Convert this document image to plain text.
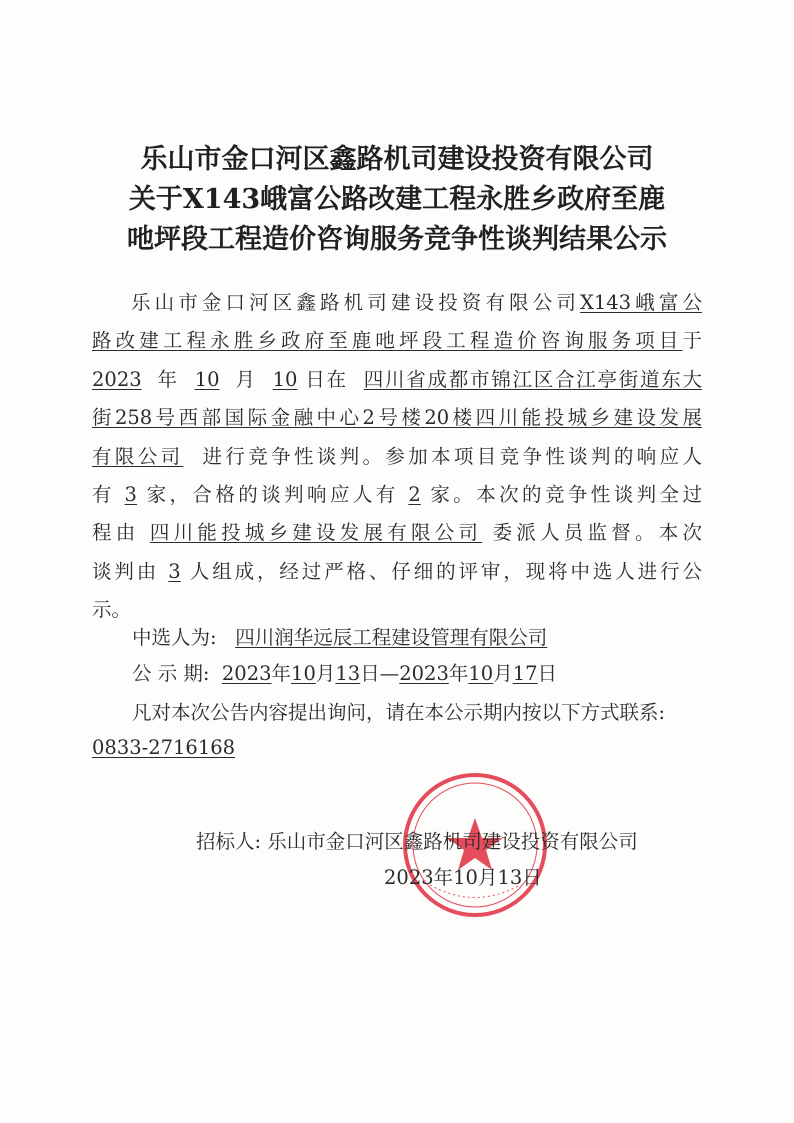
乐山市金口河区鑫路机司建设投资有限公司
关于X143峨富公路改建工程永胜乡政府至鹿
吔坪段工程造价咨询服务竞争性谈判结果公示
乐山市金口河区鑫路机司建设投资有限公司X143峨富公
路改建工程永胜乡政府至鹿吔坪段工程造价咨询服务项目于
2023 年 10 月 10 日在 四川省成都市锦江区合江亭街道东大
街258号西部国际金融中心2号楼20楼四川能投城乡建设发展
有限公司 进行竞争性谈判。参加本项目竞争性谈判的响应人
有 3 家，合格的谈判响应人有 2 家。本次的竞争性谈判全过
程由 四川能投城乡建设发展有限公司 委派人员监督。本次
谈判由 3 人组成，经过严格、仔细的评审，现将中选人进行公
示。
中选人为: 四川润华远辰工程建设管理有限公司
公 示 期: 2023年10月13日—2023年10月17日
凡对本次公告内容提出询问，请在本公示期内按以下方式联系:
0833-2716168
招标人: 乐山市金口河区鑫路机司建设投资有限公司
2023年10月13日
